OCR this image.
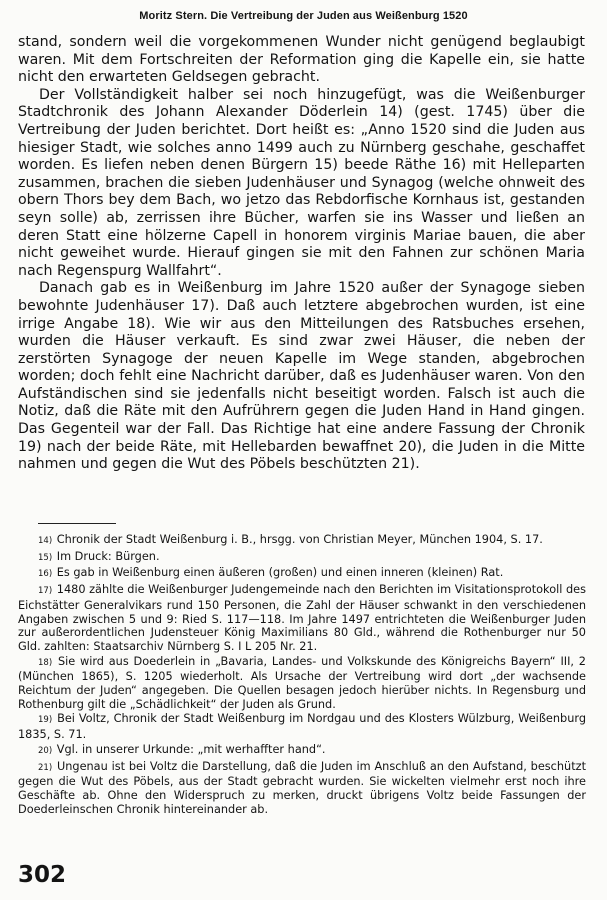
Moritz Stern. Die Vertreibung der Juden aus Weißenburg 1520

stand, sondern weil die vorgekommenen Wunder nicht genügend beglaubigt waren. Mit dem Fortschreiten der Reformation ging die Kapelle ein, sie hatte nicht den erwarteten Geldsegen gebracht.

Der Vollständigkeit halber sei noch hinzugefügt, was die Weißenburger Stadtchronik des Johann Alexander Döderlein 14) (gest. 1745) über die Vertreibung der Juden berichtet. Dort heißt es: „Anno 1520 sind die Juden aus hiesiger Stadt, wie solches anno 1499 auch zu Nürnberg geschahe, geschaffet worden. Es liefen neben denen Bürgern 15) beede Räthe 16) mit Helleparten zusammen, brachen die sieben Judenhäuser und Synagog (welche ohnweit des obern Thors bey dem Bach, wo jetzo das Rebdorfische Kornhaus ist, gestanden seyn solle) ab, zerrissen ihre Bücher, warfen sie ins Wasser und ließen an deren Statt eine hölzerne Capell in honorem virginis Mariae bauen, die aber nicht geweihet wurde. Hierauf gingen sie mit den Fahnen zur schönen Maria nach Regenspurg Wallfahrt“.

Danach gab es in Weißenburg im Jahre 1520 außer der Synagoge sieben bewohnte Judenhäuser 17). Daß auch letztere abgebrochen wurden, ist eine irrige Angabe 18). Wie wir aus den Mitteilungen des Ratsbuches ersehen, wurden die Häuser verkauft. Es sind zwar zwei Häuser, die neben der zerstörten Synagoge der neuen Kapelle im Wege standen, abgebrochen worden; doch fehlt eine Nachricht darüber, daß es Judenhäuser waren. Von den Aufständischen sind sie jedenfalls nicht beseitigt worden. Falsch ist auch die Notiz, daß die Räte mit den Aufrührern gegen die Juden Hand in Hand gingen. Das Gegenteil war der Fall. Das Richtige hat eine andere Fassung der Chronik 19) nach der beide Räte, mit Hellebarden bewaffnet 20), die Juden in die Mitte nahmen und gegen die Wut des Pöbels beschützten 21).

14) Chronik der Stadt Weißenburg i. B., hrsgg. von Christian Meyer, München 1904, S. 17.

15) Im Druck: Bürgen.

16) Es gab in Weißenburg einen äußeren (großen) und einen inneren (kleinen) Rat.

17) 1480 zählte die Weißenburger Judengemeinde nach den Berichten im Visitationsprotokoll des Eichstätter Generalvikars rund 150 Personen, die Zahl der Häuser schwankt in den verschiedenen Angaben zwischen 5 und 9: Ried S. 117—118. Im Jahre 1497 entrichteten die Weißenburger Juden zur außerordentlichen Judensteuer König Maximilians 80 Gld., während die Rothenburger nur 50 Gld. zahlten: Staatsarchiv Nürnberg S. I L 205 Nr. 21.

18) Sie wird aus Doederlein in „Bavaria, Landes- und Volkskunde des Königreichs Bayern“ III, 2 (München 1865), S. 1205 wiederholt. Als Ursache der Vertreibung wird dort „der wachsende Reichtum der Juden“ angegeben. Die Quellen besagen jedoch hierüber nichts. In Regensburg und Rothenburg gilt die „Schädlichkeit“ der Juden als Grund.

19) Bei Voltz, Chronik der Stadt Weißenburg im Nordgau und des Klosters Wülzburg, Weißenburg 1835, S. 71.

20) Vgl. in unserer Urkunde: „mit werhaffter hand“.

21) Ungenau ist bei Voltz die Darstellung, daß die Juden im Anschluß an den Aufstand, beschützt gegen die Wut des Pöbels, aus der Stadt gebracht wurden. Sie wickelten vielmehr erst noch ihre Geschäfte ab. Ohne den Widerspruch zu merken, druckt übrigens Voltz beide Fassungen der Doederleinschen Chronik hintereinander ab.

302
